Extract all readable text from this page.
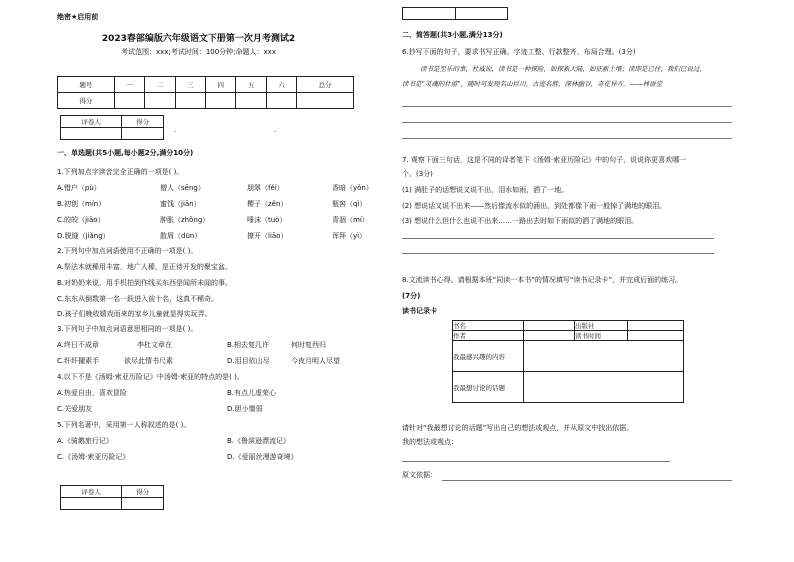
绝密★启用前
2023春部编版六年级语文下册第一次月考测试2
考试范围：xxx;考试时间：100分钟;命题人：xxx
题号	一	二	三	四	五	六	总分
得分							
评卷人	得分

.	.
一、单选题(共5小题,每小题2分,满分10分)
1.下列加点字读音完全正确的一项是( )。
A.错户（pù）	僧人（sēng）	朋翠（fěi）	香暗（yǒn）
B.初创（mín）	蜜饯（jiān）	樱子（zěn）	瓶窖（qì）
C.皎皎（jiǎo）	肿胀（zhǒng）	唾沫（tuò）	青涸（mí）
D.脱缝（jiǎng）	散屑（dūn）	撩开（liāo）	诨拜（yì）
2.下列句中加点词语使用不正确的一项是( )。
A.祭法木就稀用丰富，地广人稀，是正待开发的聚宝盆。
B.对奶奶来说，用手机拍到作线买东西是闻所未闻的事。
C.东东从倒数第一名一跃进入前十名，这真不稀奇。
D.孩子们晚收嬉戏而来的家乡儿童就显得实玩弄。
3.下列句子中加点词语意思相同的一项是( )。
A.终日不成章	李杜文章在	B.相去复几许	何时复西归
C.纤纤擢素手	欲尽此情书尺素	D.泪目依山尽	今夜月明人尽望
4.以下不是《汤姆·索亚历险记》中汤姆·索亚的特点的是( )。
A.热爱自由，喜欢冒险	B.有点儿虚荣心
C.关爱朋友	D.胆小懦弱
5.下列名著中，采用第一人称叙述的是( )。
A.《骑鹅旅行记》	B.《鲁滨逊漂流记》
C.《汤姆·索亚历险记》	D.《爱丽丝漫游奇境》
评卷人	得分

二、简答题(共3小题,满分13分)
6.抄写下面的句子，要求书写正确、字迹工整、行款整齐、布局合理。(3分)
读书是至乐的事，杜威说，读书是一种探险，如探新大陆，如征新土壤；读即是已往，我们已说过，
读书是“灵魂的壮游”，随时可发现名山巨川，古迹名胜，深林幽谷，奇花异卉。——林语堂
7. 观察下面三句话，这是不同的译者笔下《汤姆·索亚历险记》中的句子，说说你更喜欢哪一
个。(3分)
(1) 满肚子的话想说又说不出，泪水如雨，洒了一地。
(2) 想说话又说不出来——然后像流水似的涌出，到处都像下雨一般掉了满地的眼泪。
(3) 想说什么但什么也说不出来……一路出去时如下雨似的洒了满地的眼泪。
8.文流读书心得。请根据本班“同读一本书”的情况填写“读书记录卡”，并完成后面的练习。
(7分)
读书记录卡
书名		出版社	
作者		读书时间	
我最感兴趣的内容			
我最想讨论的话题			
请针对“我最想讨论的话题”写出自己的想法或观点，并从原文中找出依据。
我的想法或观点：
原文依据：
